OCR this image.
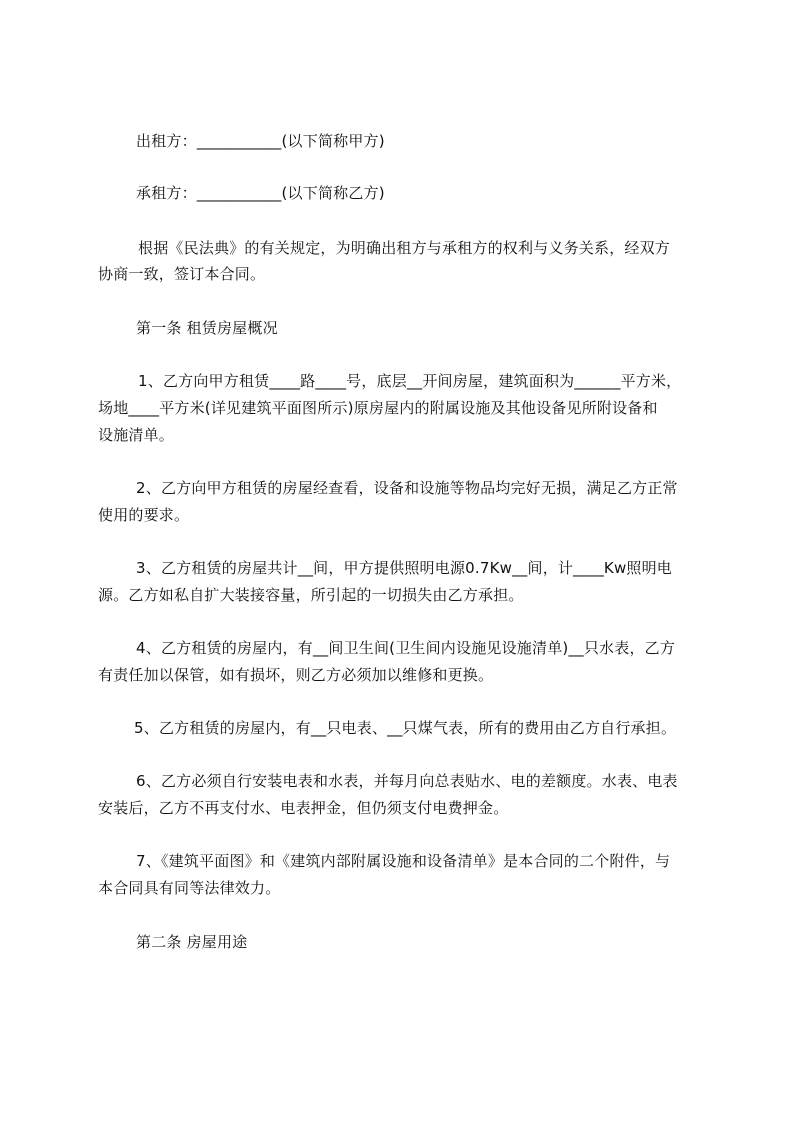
出租方：___________(以下简称甲方)
承租方：___________(以下简称乙方)
根据《民法典》的有关规定，为明确出租方与承租方的权利与义务关系，经双方
协商一致，签订本合同。
第一条 租赁房屋概况
1、乙方向甲方租赁____路____号，底层__开间房屋，建筑面积为______平方米，
场地____平方米(详见建筑平面图所示)原房屋内的附属设施及其他设备见所附设备和
设施清单。
2、乙方向甲方租赁的房屋经查看，设备和设施等物品均完好无损，满足乙方正常
使用的要求。
3、乙方租赁的房屋共计__间，甲方提供照明电源0.7Kw__间，计____Kw照明电
源。乙方如私自扩大装接容量，所引起的一切损失由乙方承担。
4、乙方租赁的房屋内，有__间卫生间(卫生间内设施见设施清单)__只水表，乙方
有责任加以保管，如有损坏，则乙方必须加以维修和更换。
5、乙方租赁的房屋内，有__只电表、__只煤气表，所有的费用由乙方自行承担。
6、乙方必须自行安装电表和水表，并每月向总表贴水、电的差额度。水表、电表
安装后，乙方不再支付水、电表押金，但仍须支付电费押金。
7、《建筑平面图》和《建筑内部附属设施和设备清单》是本合同的二个附件，与
本合同具有同等法律效力。
第二条 房屋用途
